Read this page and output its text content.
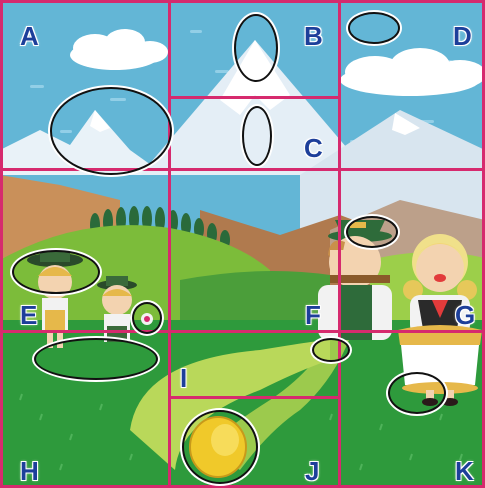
A	B
C
D
E	F	G
H
I
J	K
